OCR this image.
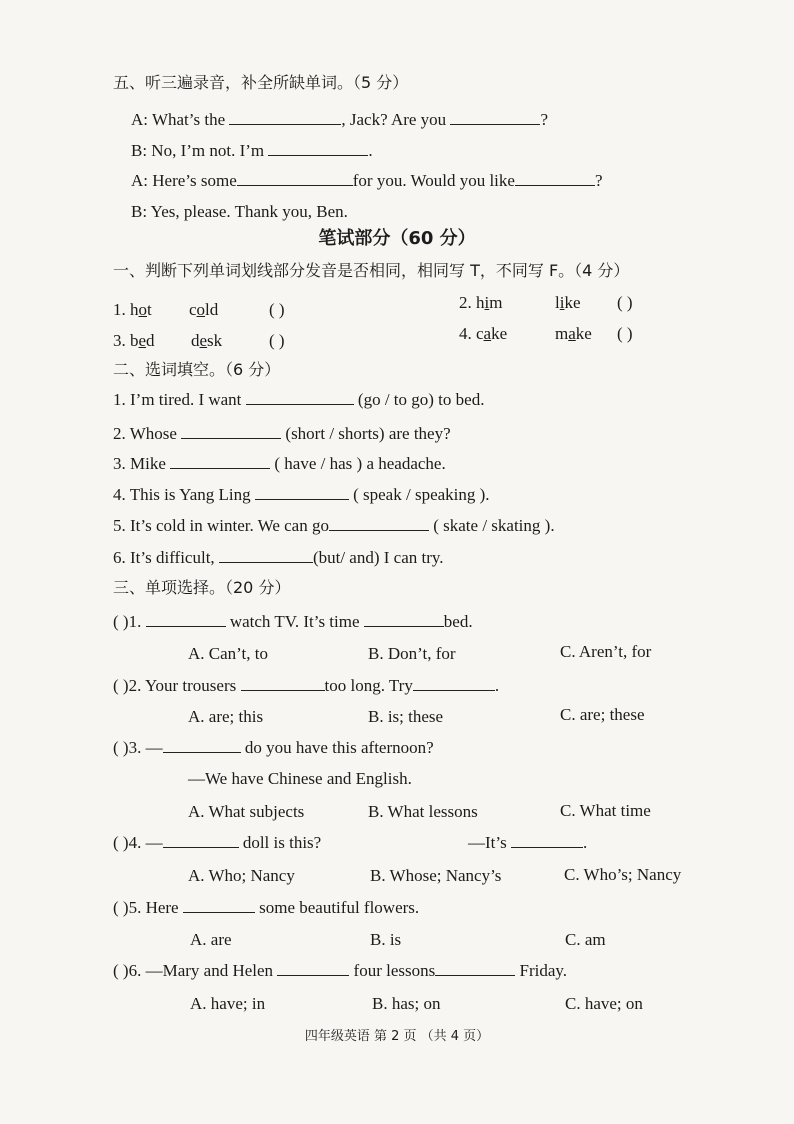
五、听三遍录音，补全所缺单词。（5 分）
A: What’s the	, Jack? Are you	?
B: No, I’m not. I’m	.
A: Here’s some	for you. Would you like	?
B: Yes, please. Thank you, Ben.
笔试部分（60 分）
一、判断下列单词划线部分发音是否相同，相同写 T，不同写 F。（4 分）
1. hot cold	( )	2. him	like ( )
3. bed desk	( )	4. cake	make ( )
二、选词填空。（6 分）
1. I’m tired. I want	(go / to go) to bed.
2. Whose	(short / shorts) are they?
3. Mike	( have / has ) a headache.
4. This is Yang Ling	( speak / speaking ).
5. It’s cold in winter. We can go	( skate / skating ).
6. It’s difficult,	(but/ and) I can try.
三、单项选择。（20 分）
( )1.	watch TV. It’s time	bed.
A. Can’t, to	B. Don’t, for	C. Aren’t, for
( )2. Your trousers	too long. Try	.
A. are; this	B. is; these	C. are; these
( )3. —	do you have this afternoon?
—We have Chinese and English.
A. What subjects	B. What lessons	C. What time
( )4. —	doll is this?	—It’s	.
A. Who; Nancy	B. Whose; Nancy’s	C. Who’s; Nancy
( )5. Here	some beautiful flowers.
A. are	B. is	C. am
( )6. —Mary and Helen	four lessons	Friday.
A. have; in	B. has; on	C. have; on
四年级英语 第 2 页 （共 4 页）
